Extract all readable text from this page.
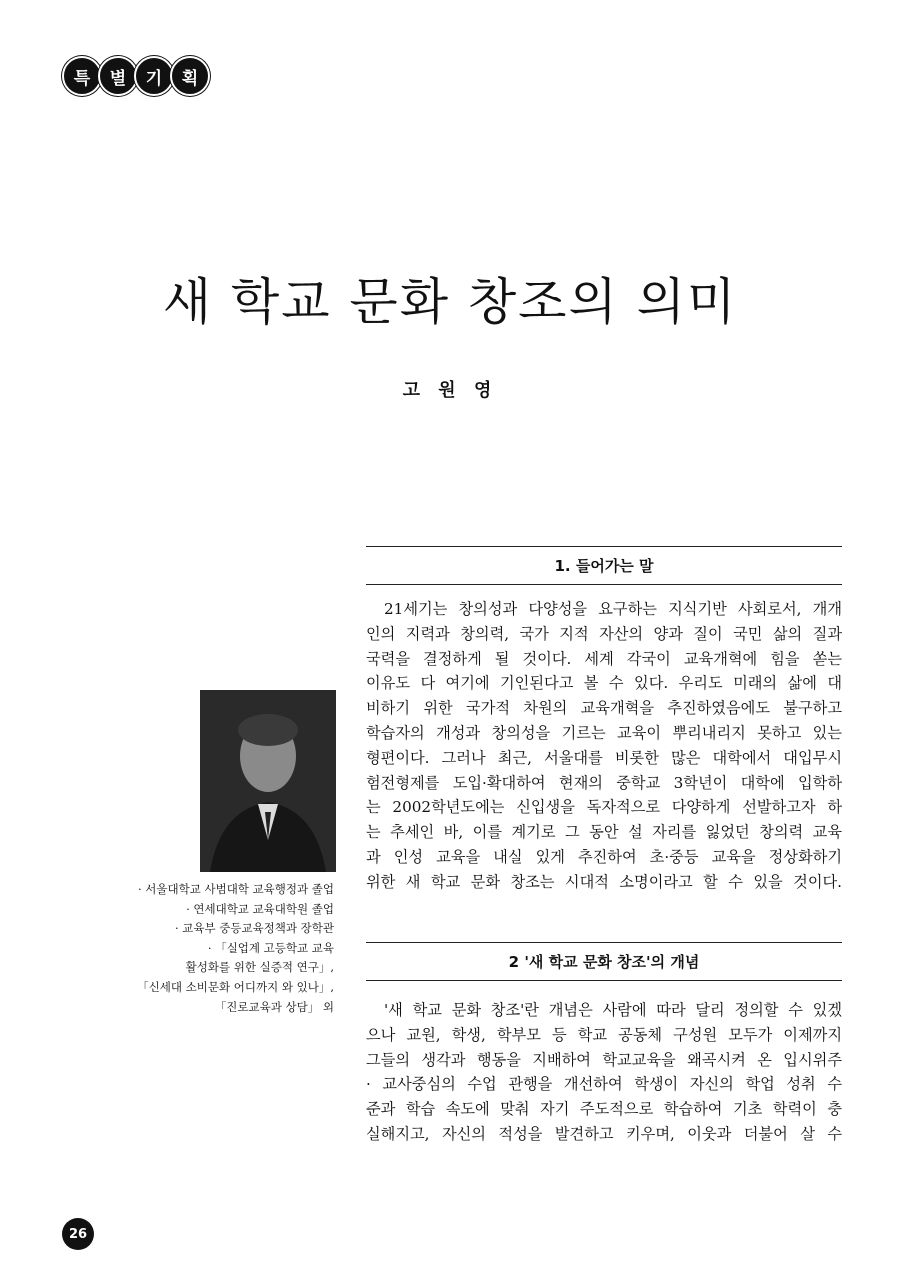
특	별	기	획
새 학교 문화 창조의 의미
고 원 영
· 서울대학교 사범대학 교육행정과 졸업
· 연세대학교 교육대학원 졸업
· 교육부 중등교육정책과 장학관
· 「실업계 고등학교 교육
활성화를 위한 실증적 연구」,
「신세대 소비문화 어디까지 와 있나」,
「진로교육과 상담」 외
1. 들어가는 말
21세기는 창의성과 다양성을 요구하는 지식기반 사회로서, 개개
인의 지력과 창의력, 국가 지적 자산의 양과 질이 국민 삶의 질과
국력을 결정하게 될 것이다. 세계 각국이 교육개혁에 힘을 쏟는
이유도 다 여기에 기인된다고 볼 수 있다. 우리도 미래의 삶에 대
비하기 위한 국가적 차원의 교육개혁을 추진하였음에도 불구하고
학습자의 개성과 창의성을 기르는 교육이 뿌리내리지 못하고 있는
형편이다. 그러나 최근, 서울대를 비롯한 많은 대학에서 대입무시
험전형제를 도입·확대하여 현재의 중학교 3학년이 대학에 입학하
는 2002학년도에는 신입생을 독자적으로 다양하게 선발하고자 하
는 추세인 바, 이를 계기로 그 동안 설 자리를 잃었던 창의력 교육
과 인성 교육을 내실 있게 추진하여 초·중등 교육을 정상화하기
위한 새 학교 문화 창조는 시대적 소명이라고 할 수 있을 것이다.
2 '새 학교 문화 창조'의 개념
'새 학교 문화 창조'란 개념은 사람에 따라 달리 정의할 수 있겠
으나 교원, 학생, 학부모 등 학교 공동체 구성원 모두가 이제까지
그들의 생각과 행동을 지배하여 학교교육을 왜곡시켜 온 입시위주
· 교사중심의 수업 관행을 개선하여 학생이 자신의 학업 성취 수
준과 학습 속도에 맞춰 자기 주도적으로 학습하여 기초 학력이 충
실해지고, 자신의 적성을 발견하고 키우며, 이웃과 더불어 살 수
26
